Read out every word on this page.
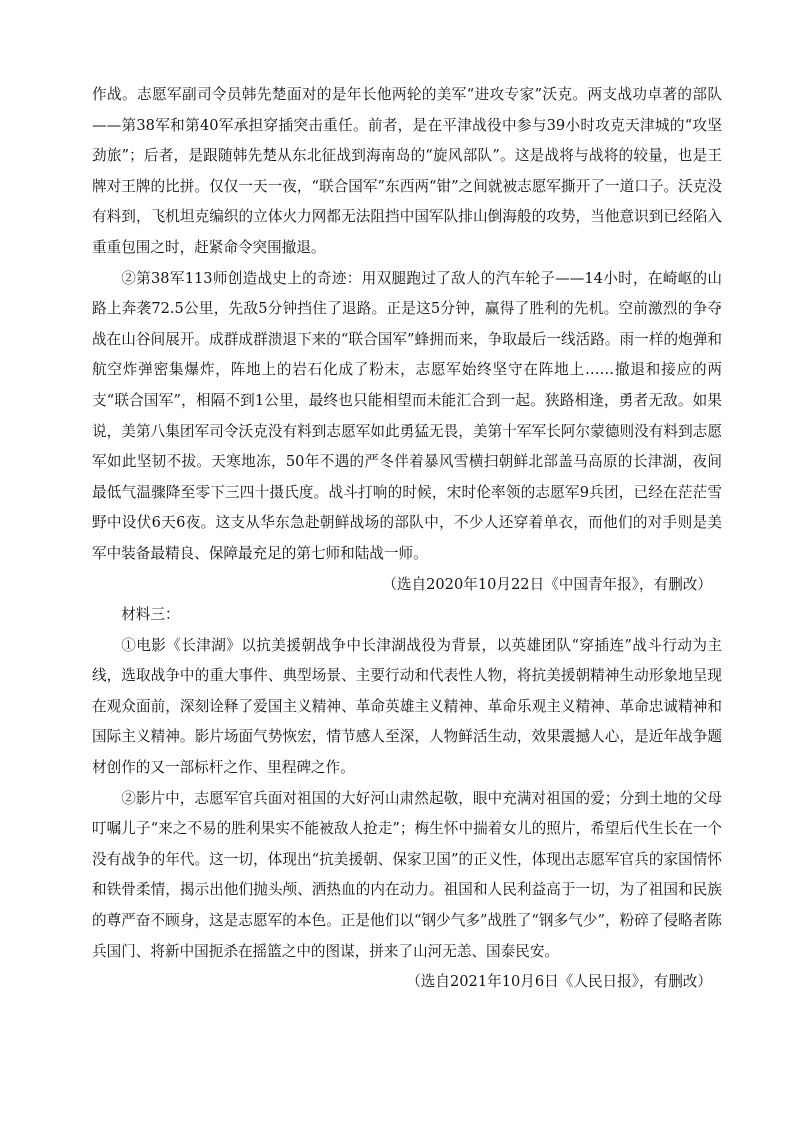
作战。志愿军副司令员韩先楚面对的是年长他两轮的美军“进攻专家”沃克。两支战功卓著的部队——第38军和第40军承担穿插突击重任。前者，是在平津战役中参与39小时攻克天津城的“攻坚劲旅”；后者，是跟随韩先楚从东北征战到海南岛的“旋风部队”。这是战将与战将的较量，也是王牌对王牌的比拼。仅仅一天一夜，“联合国军”东西两“钳”之间就被志愿军撕开了一道口子。沃克没有料到，飞机坦克编织的立体火力网都无法阻挡中国军队排山倒海般的攻势，当他意识到已经陷入重重包围之时，赶紧命令突围撤退。

②第38军113师创造战史上的奇迹：用双腿跑过了敌人的汽车轮子——14小时，在崎岖的山路上奔袭72.5公里，先敌5分钟挡住了退路。正是这5分钟，赢得了胜利的先机。空前激烈的争夺战在山谷间展开。成群成群溃退下来的“联合国军”蜂拥而来，争取最后一线活路。雨一样的炮弹和航空炸弹密集爆炸，阵地上的岩石化成了粉末，志愿军始终坚守在阵地上……撤退和接应的两支“联合国军”，相隔不到1公里，最终也只能相望而未能汇合到一起。狭路相逢，勇者无敌。如果说，美第八集团军司令沃克没有料到志愿军如此勇猛无畏，美第十军军长阿尔蒙德则没有料到志愿军如此坚韧不拔。天寒地冻，50年不遇的严冬伴着暴风雪横扫朝鲜北部盖马高原的长津湖，夜间最低气温骤降至零下三四十摄氏度。战斗打响的时候，宋时伦率领的志愿军9兵团，已经在茫茫雪野中设伏6天6夜。这支从华东急赴朝鲜战场的部队中，不少人还穿着单衣，而他们的对手则是美军中装备最精良、保障最充足的第七师和陆战一师。

（选自2020年10月22日《中国青年报》，有删改）

材料三：

①电影《长津湖》以抗美援朝战争中长津湖战役为背景，以英雄团队“穿插连”战斗行动为主线，选取战争中的重大事件、典型场景、主要行动和代表性人物，将抗美援朝精神生动形象地呈现在观众面前，深刻诠释了爱国主义精神、革命英雄主义精神、革命乐观主义精神、革命忠诚精神和国际主义精神。影片场面气势恢宏，情节感人至深，人物鲜活生动，效果震撼人心，是近年战争题材创作的又一部标杆之作、里程碑之作。

②影片中，志愿军官兵面对祖国的大好河山肃然起敬，眼中充满对祖国的爱；分到土地的父母叮嘱儿子“来之不易的胜利果实不能被敌人抢走”；梅生怀中揣着女儿的照片，希望后代生长在一个没有战争的年代。这一切，体现出“抗美援朝、保家卫国”的正义性，体现出志愿军官兵的家国情怀和铁骨柔情，揭示出他们抛头颅、洒热血的内在动力。祖国和人民利益高于一切，为了祖国和民族的尊严奋不顾身，这是志愿军的本色。正是他们以“钢少气多”战胜了“钢多气少”，粉碎了侵略者陈兵国门、将新中国扼杀在摇篮之中的图谋，拼来了山河无恙、国泰民安。

（选自2021年10月6日《人民日报》，有删改）
